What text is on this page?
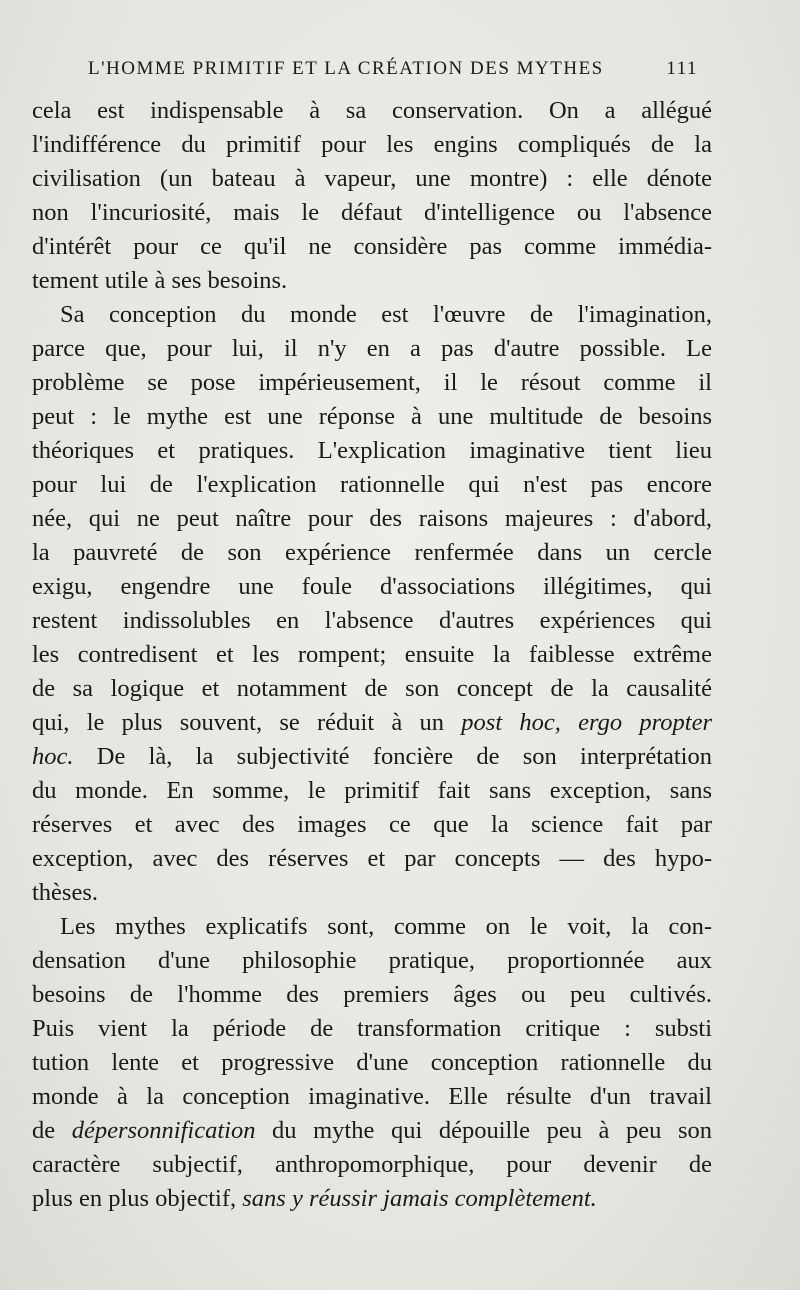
L'HOMME PRIMITIF ET LA CRÉATION DES MYTHES	111
cela est indispensable à sa conservation. On a allégué
l'indifférence du primitif pour les engins compliqués de la
civilisation (un bateau à vapeur, une montre) : elle dénote
non l'incuriosité, mais le défaut d'intelligence ou l'absence
d'intérêt pour ce qu'il ne considère pas comme immédia-
tement utile à ses besoins.
Sa conception du monde est l'œuvre de l'imagination,
parce que, pour lui, il n'y en a pas d'autre possible. Le
problème se pose impérieusement, il le résout comme il
peut : le mythe est une réponse à une multitude de besoins
théoriques et pratiques. L'explication imaginative tient lieu
pour lui de l'explication rationnelle qui n'est pas encore
née, qui ne peut naître pour des raisons majeures : d'abord,
la pauvreté de son expérience renfermée dans un cercle
exigu, engendre une foule d'associations illégitimes, qui
restent indissolubles en l'absence d'autres expériences qui
les contredisent et les rompent; ensuite la faiblesse extrême
de sa logique et notamment de son concept de la causalité
qui, le plus souvent, se réduit à un post hoc, ergo propter
hoc. De là, la subjectivité foncière de son interprétation
du monde. En somme, le primitif fait sans exception, sans
réserves et avec des images ce que la science fait par
exception, avec des réserves et par concepts — des hypo-
thèses.
Les mythes explicatifs sont, comme on le voit, la con-
densation d'une philosophie pratique, proportionnée aux
besoins de l'homme des premiers âges ou peu cultivés.
Puis vient la période de transformation critique : substi
tution lente et progressive d'une conception rationnelle du
monde à la conception imaginative. Elle résulte d'un travail
de dépersonnification du mythe qui dépouille peu à peu son
caractère subjectif, anthropomorphique, pour devenir de
plus en plus objectif, sans y réussir jamais complètement.
